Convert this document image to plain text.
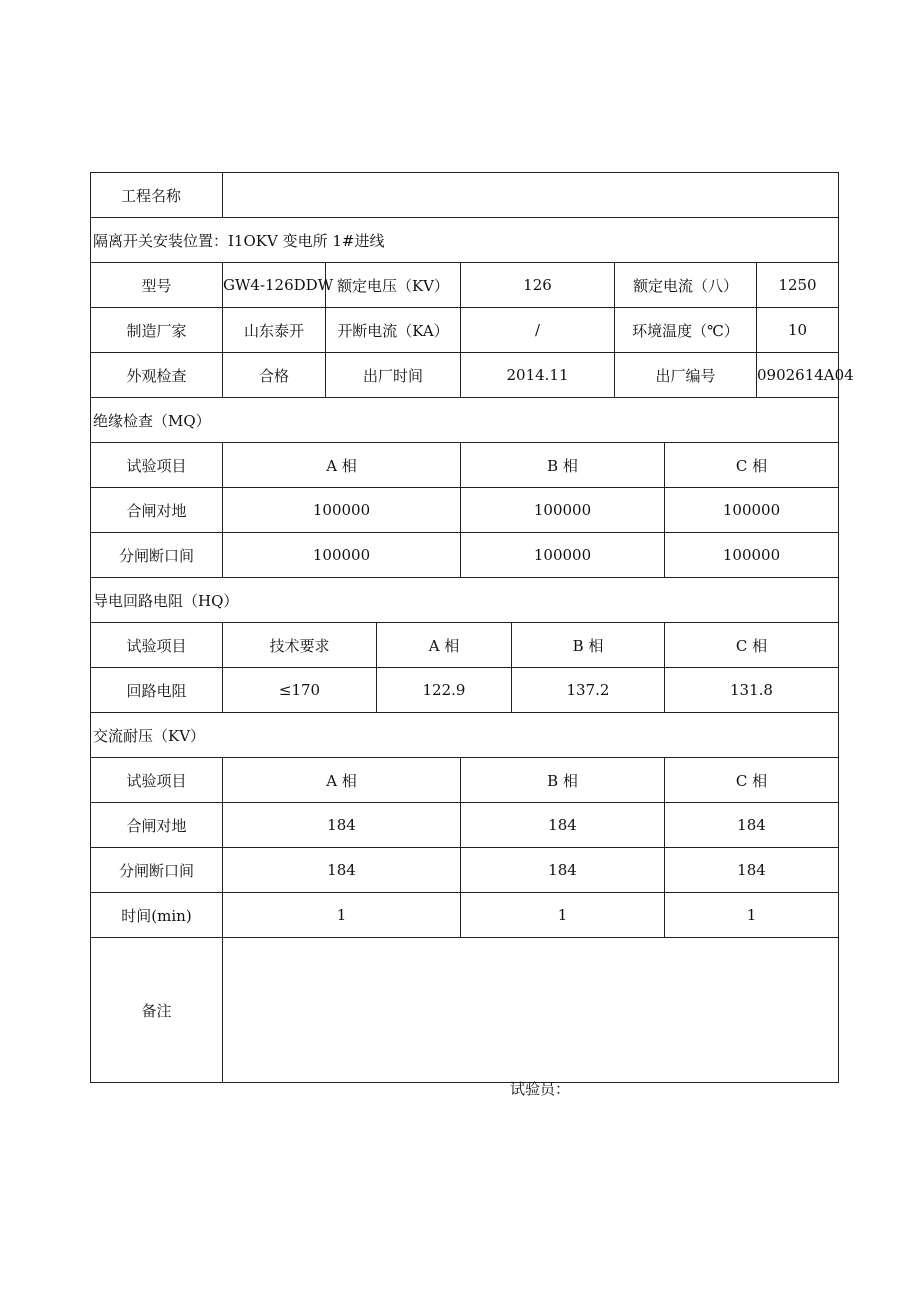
工程名称								
隔离开关安装位置：I1OKV 变电所 1#进线								
型号	GW4-126DDW	额定电压（KV）		126		额定电流（八）		1250
制造厂家	山东泰开	开断电流（KA）		/		环境温度（℃）		10
外观检查	合格	出厂时间		2014.11		出厂编号		0902614A04
绝缘检查（MQ）								
试验项目	A 相			B 相			C 相	
合闸对地	100000			100000			100000	
分闸断口间	100000			100000			100000	
导电回路电阻（HQ）								
试验项目	技术要求		A 相		B 相		C 相	
回路电阻	≤170		122.9		137.2		131.8	
交流耐压（KV）								
试验项目	A 相			B 相			C 相	
合闸对地	184			184			184	
分闸断口间	184			184			184	
时间(min)	1			1			1	
备注								
试验员：
